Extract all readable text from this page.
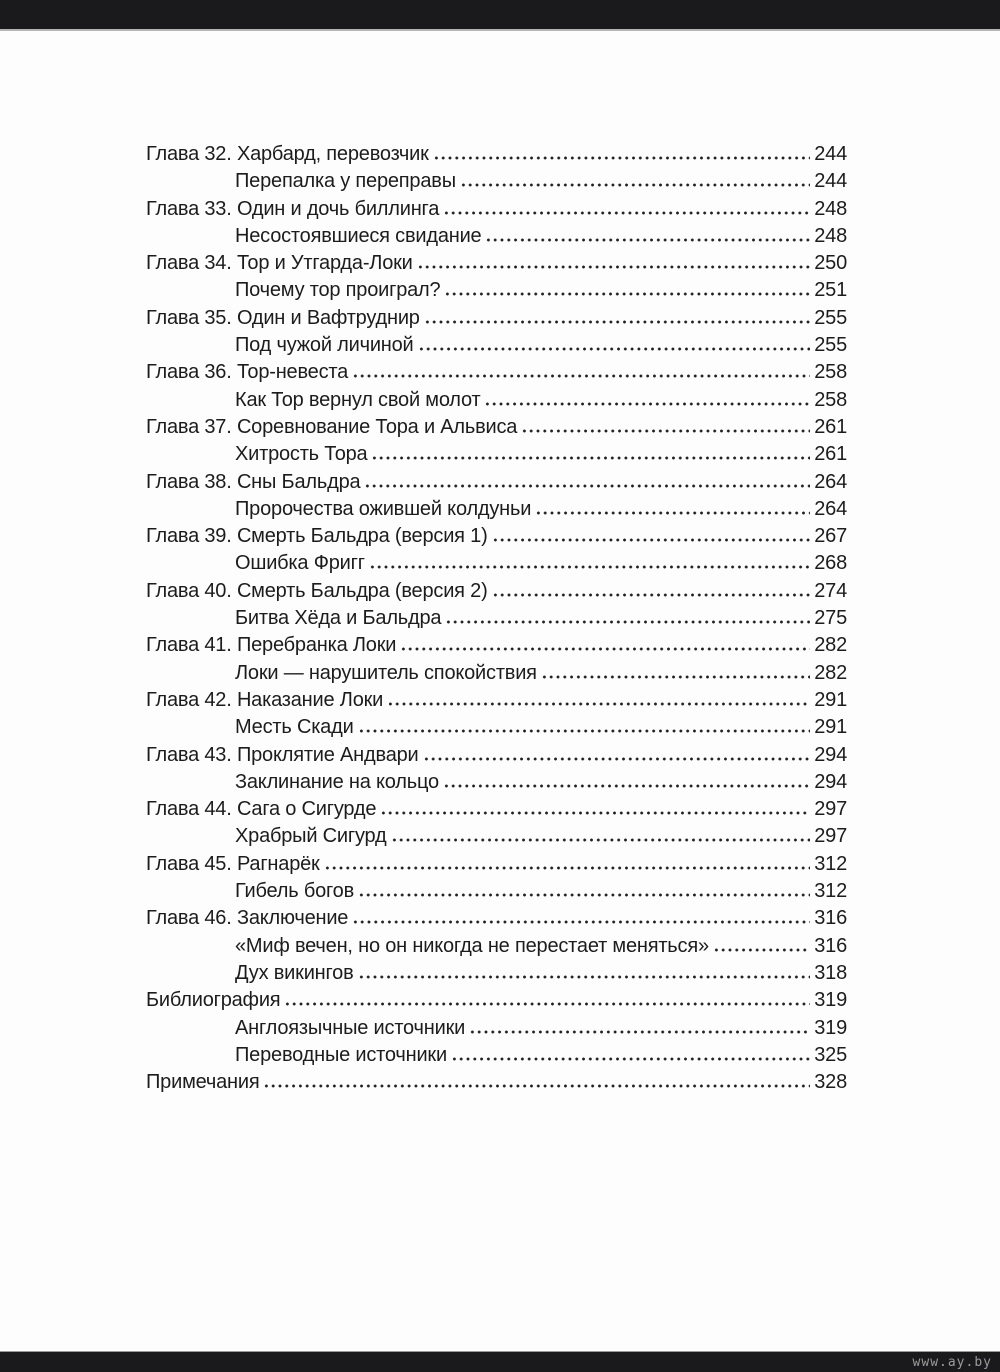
Глава 32. Харбард, перевозчик	244
Перепалка у переправы	244
Глава 33. Один и дочь биллинга	248
Несостоявшиеся свидание	248
Глава 34. Тор и Утгарда-Локи	250
Почему тор проиграл?	251
Глава 35. Один и Вафтруднир	255
Под чужой личиной	255
Глава 36. Тор-невеста	258
Как Тор вернул свой молот	258
Глава 37. Соревнование Тора и Альвиса	261
Хитрость Тора	261
Глава 38. Сны Бальдра	264
Пророчества ожившей колдуньи	264
Глава 39. Смерть Бальдра (версия 1)	267
Ошибка Фригг	268
Глава 40. Смерть Бальдра (версия 2)	274
Битва Хёда и Бальдра	275
Глава 41. Перебранка Локи	282
Локи — нарушитель спокойствия	282
Глава 42. Наказание Локи	291
Месть Скади	291
Глава 43. Проклятие Андвари	294
Заклинание на кольцо	294
Глава 44. Сага о Сигурде	297
Храбрый Сигурд	297
Глава 45. Рагнарёк	312
Гибель богов	312
Глава 46. Заключение	316
«Миф вечен, но он никогда не перестает меняться»	316
Дух викингов	318
Библиография	319
Англоязычные источники	319
Переводные источники	325
Примечания	328
www.ay.by
